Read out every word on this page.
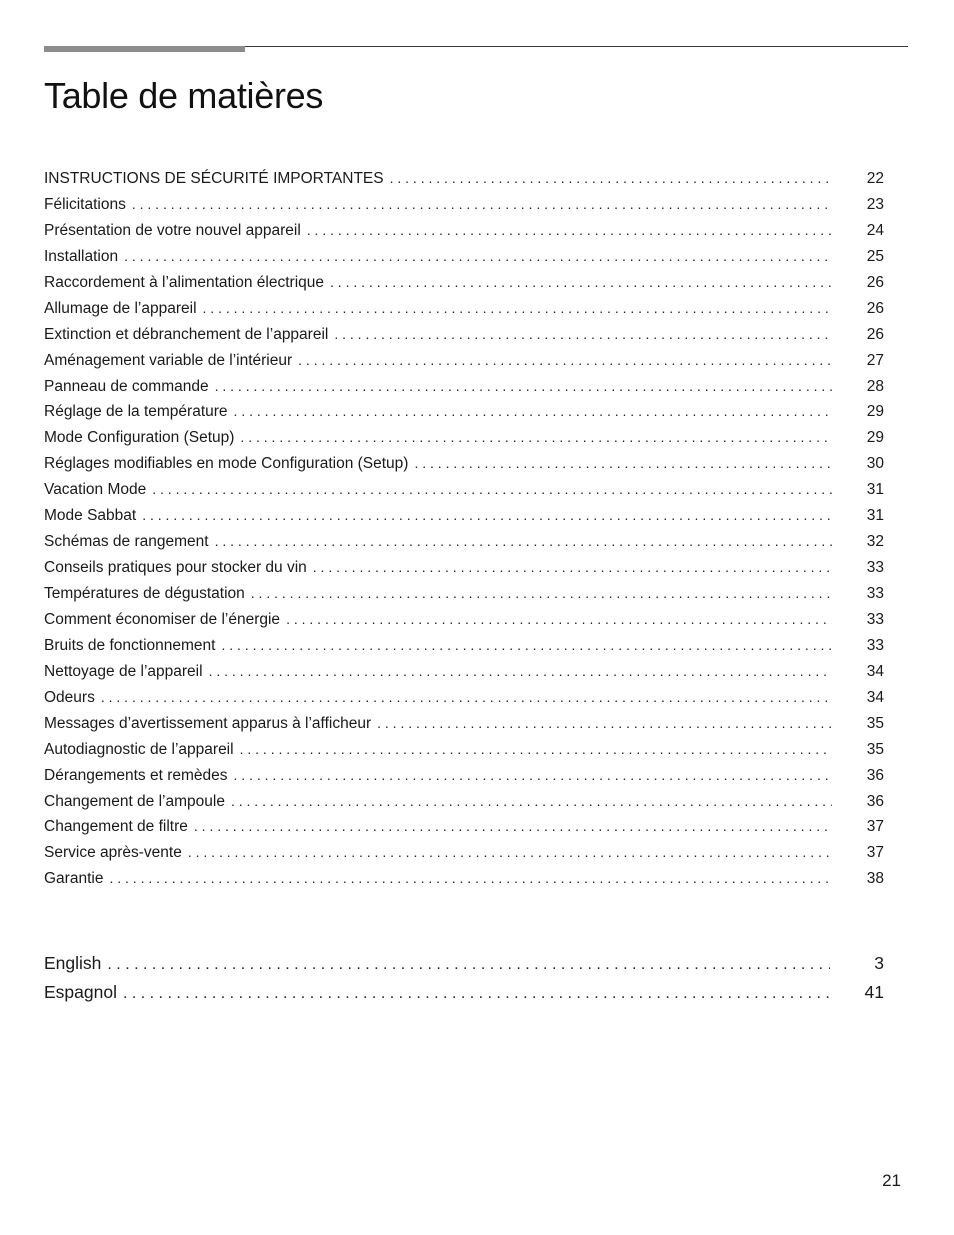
Table de matières
INSTRUCTIONS DE SÉCURITÉ IMPORTANTES . . .	22
Félicitations . . .	23
Présentation de votre nouvel appareil . . .	24
Installation . . .	25
Raccordement à l’alimentation électrique . . .	26
Allumage de l’appareil . . .	26
Extinction et débranchement de l’appareil . . .	26
Aménagement variable de l’intérieur . . .	27
Panneau de commande . . .	28
Réglage de la température . . .	29
Mode Configuration (Setup) . . .	29
Réglages modifiables en mode Configuration (Setup) . . .	30
Vacation Mode . . .	31
Mode Sabbat . . .	31
Schémas de rangement . . .	32
Conseils pratiques pour stocker du vin . . .	33
Températures de dégustation . . .	33
Comment économiser de l’énergie . . .	33
Bruits de fonctionnement . . .	33
Nettoyage de l’appareil . . .	34
Odeurs . . .	34
Messages d’avertissement apparus à l’afficheur . . .	35
Autodiagnostic de l’appareil . . .	35
Dérangements et remèdes . . .	36
Changement de l’ampoule . . .	36
Changement de filtre . . .	37
Service après-vente . . .	37
Garantie . . .	38
English . . .	3
Espagnol . . .	41
21
